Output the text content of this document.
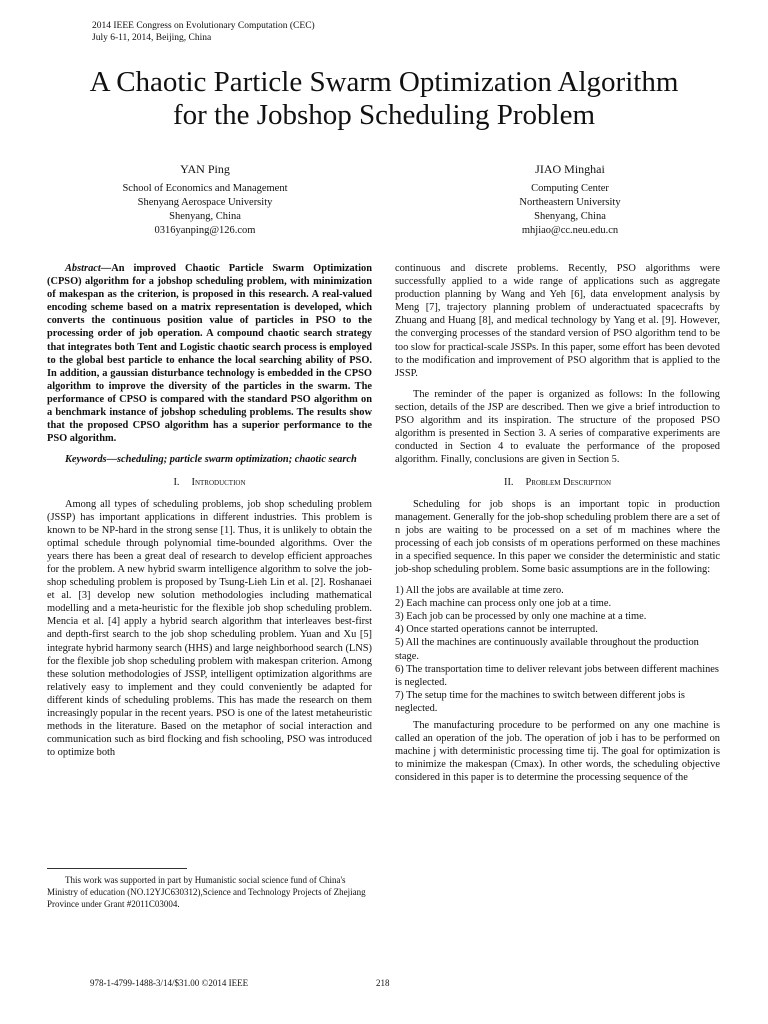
2014 IEEE Congress on Evolutionary Computation (CEC)
July 6-11, 2014, Beijing, China
A Chaotic Particle Swarm Optimization Algorithm
for the Jobshop Scheduling Problem
YAN Ping
School of Economics and Management
Shenyang Aerospace University
Shenyang, China
0316yanping@126.com
JIAO Minghai
Computing Center
Northeastern University
Shenyang, China
mhjiao@cc.neu.edu.cn

Abstract—An improved Chaotic Particle Swarm Optimization (CPSO) algorithm for a jobshop scheduling problem, with minimization of makespan as the criterion, is proposed in this research. A real-valued encoding scheme based on a matrix representation is developed, which converts the continuous position value of particles in PSO to the processing order of job operation. A compound chaotic search strategy that integrates both Tent and Logistic chaotic search process is employed to the global best particle to enhance the local searching ability of PSO. In addition, a gaussian disturbance technology is embedded in the CPSO algorithm to improve the diversity of the particles in the swarm. The performance of CPSO is compared with the standard PSO algorithm on a benchmark instance of jobshop scheduling problems. The results show that the proposed CPSO algorithm has a superior performance to the PSO algorithm.

Keywords—scheduling; particle swarm optimization; chaotic search

I. Introduction

Among all types of scheduling problems, job shop scheduling problem (JSSP) has important applications in different industries. This problem is known to be NP-hard in the strong sense [1]. Thus, it is unlikely to obtain the optimal schedule through polynomial time-bounded algorithms. Over the years there has been a great deal of research to develop efficient approaches for the problem. A new hybrid swarm intelligence algorithm to solve the job-shop scheduling problem is proposed by Tsung-Lieh Lin et al. [2]. Roshanaei et al. [3] develop new solution methodologies including mathematical modelling and a meta-heuristic for the flexible job shop scheduling problem. Mencia et al. [4] apply a hybrid search algorithm that interleaves best-first and depth-first search to the job shop scheduling problem. Yuan and Xu [5] integrate hybrid harmony search (HHS) and large neighborhood search (LNS) for the flexible job shop scheduling problem with makespan criterion. Among these solution methodologies of JSSP, intelligent optimization algorithms are relatively easy to implement and they could conveniently be adapted for different kinds of scheduling problems. This has made the research on them increasingly popular in the recent years. PSO is one of the latest metaheuristic methods in the literature. Based on the metaphor of social interaction and communication such as bird flocking and fish schooling, PSO was introduced to optimize both

continuous and discrete problems. Recently, PSO algorithms were successfully applied to a wide range of applications such as aggregate production planning by Wang and Yeh [6], data envelopment analysis by Meng [7], trajectory planning problem of underactuated spacecrafts by Zhuang and Huang [8], and medical technology by Yang et al. [9]. However, the converging processes of the standard version of PSO algorithm tend to be too slow for practical-scale JSSPs. In this paper, some effort has been devoted to the modification and improvement of PSO algorithm that is applied to the JSSP.

The reminder of the paper is organized as follows: In the following section, details of the JSP are described. Then we give a brief introduction to PSO algorithm and its inspiration. The structure of the proposed PSO algorithm is presented in Section 3. A series of comparative experiments are conducted in Section 4 to evaluate the performance of the proposed algorithm. Finally, conclusions are given in Section 5.

II. Problem Description

Scheduling for job shops is an important topic in production management. Generally for the job-shop scheduling problem there are a set of n jobs are waiting to be processed on a set of m machines where the processing of each job consists of m operations performed on these machines in a specified sequence. In this paper we consider the deterministic and static job-shop scheduling problem. Some basic assumptions are in the following:

1) All the jobs are available at time zero.
2) Each machine can process only one job at a time.
3) Each job can be processed by only one machine at a time.
4) Once started operations cannot be interrupted.
5) All the machines are continuously available throughout the production stage.
6) The transportation time to deliver relevant jobs between different machines is neglected.
7) The setup time for the machines to switch between different jobs is neglected.

The manufacturing procedure to be performed on any one machine is called an operation of the job. The operation of job i has to be performed on machine j with deterministic processing time tij. The goal for optimization is to minimize the makespan (Cmax). In other words, the scheduling objective considered in this paper is to determine the processing sequence of the

This work was supported in part by Humanistic social science fund of China's Ministry of education (NO.12YJC630312),Science and Technology Projects of Zhejiang Province under Grant #2011C03004.
978-1-4799-1488-3/14/$31.00 ©2014 IEEE	218
